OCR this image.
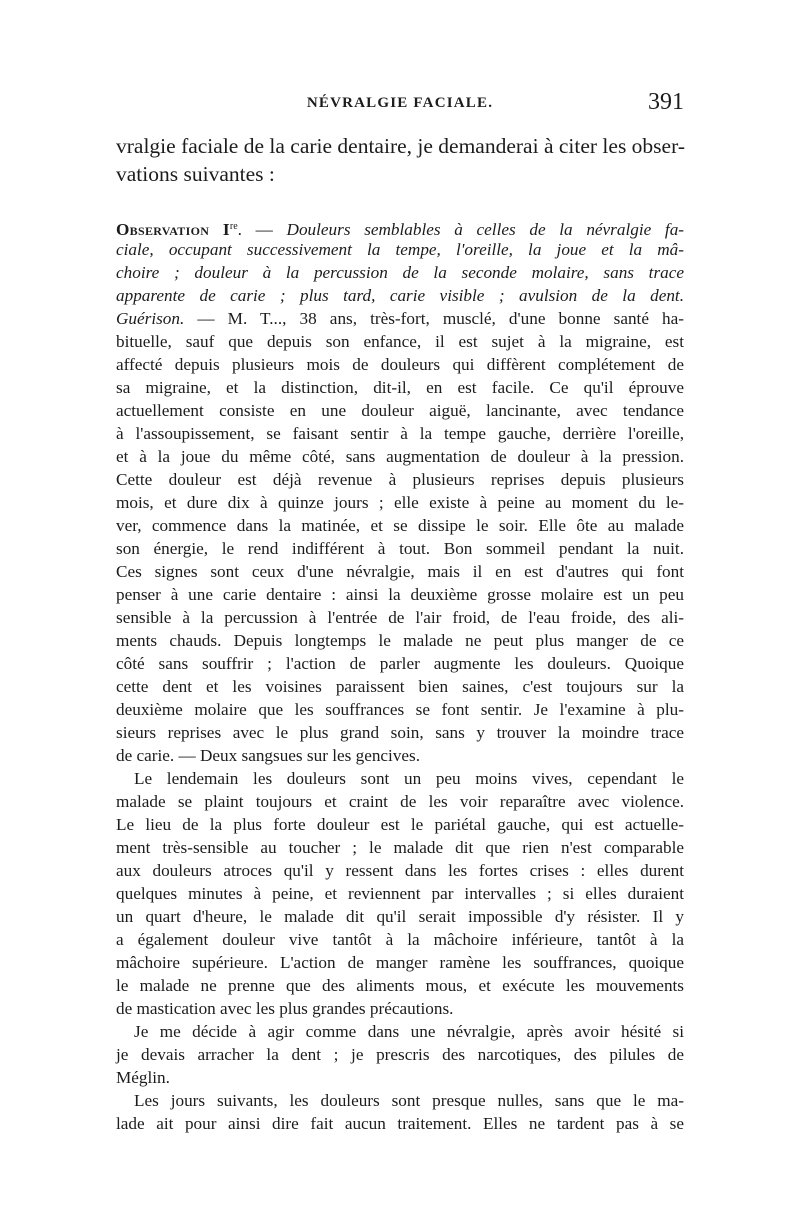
NÉVRALGIE FACIALE.	391
vralgie faciale de la carie dentaire, je demanderai à citer les obser-
vations suivantes :
Observation Ire. — Douleurs semblables à celles de la névralgie fa-
ciale, occupant successivement la tempe, l'oreille, la joue et la mâ-
choire ; douleur à la percussion de la seconde molaire, sans trace
apparente de carie ; plus tard, carie visible ; avulsion de la dent.
Guérison. — M. T..., 38 ans, très-fort, musclé, d'une bonne santé ha-
bituelle, sauf que depuis son enfance, il est sujet à la migraine, est
affecté depuis plusieurs mois de douleurs qui diffèrent complétement de
sa migraine, et la distinction, dit-il, en est facile. Ce qu'il éprouve
actuellement consiste en une douleur aiguë, lancinante, avec tendance
à l'assoupissement, se faisant sentir à la tempe gauche, derrière l'oreille,
et à la joue du même côté, sans augmentation de douleur à la pression.
Cette douleur est déjà revenue à plusieurs reprises depuis plusieurs
mois, et dure dix à quinze jours ; elle existe à peine au moment du le-
ver, commence dans la matinée, et se dissipe le soir. Elle ôte au malade
son énergie, le rend indifférent à tout. Bon sommeil pendant la nuit.
Ces signes sont ceux d'une névralgie, mais il en est d'autres qui font
penser à une carie dentaire : ainsi la deuxième grosse molaire est un peu
sensible à la percussion à l'entrée de l'air froid, de l'eau froide, des ali-
ments chauds. Depuis longtemps le malade ne peut plus manger de ce
côté sans souffrir ; l'action de parler augmente les douleurs. Quoique
cette dent et les voisines paraissent bien saines, c'est toujours sur la
deuxième molaire que les souffrances se font sentir. Je l'examine à plu-
sieurs reprises avec le plus grand soin, sans y trouver la moindre trace
de carie. — Deux sangsues sur les gencives.
Le lendemain les douleurs sont un peu moins vives, cependant le
malade se plaint toujours et craint de les voir reparaître avec violence.
Le lieu de la plus forte douleur est le pariétal gauche, qui est actuelle-
ment très-sensible au toucher ; le malade dit que rien n'est comparable
aux douleurs atroces qu'il y ressent dans les fortes crises : elles durent
quelques minutes à peine, et reviennent par intervalles ; si elles duraient
un quart d'heure, le malade dit qu'il serait impossible d'y résister. Il y
a également douleur vive tantôt à la mâchoire inférieure, tantôt à la
mâchoire supérieure. L'action de manger ramène les souffrances, quoique
le malade ne prenne que des aliments mous, et exécute les mouvements
de mastication avec les plus grandes précautions.
Je me décide à agir comme dans une névralgie, après avoir hésité si
je devais arracher la dent ; je prescris des narcotiques, des pilules de
Méglin.
Les jours suivants, les douleurs sont presque nulles, sans que le ma-
lade ait pour ainsi dire fait aucun traitement. Elles ne tardent pas à se
